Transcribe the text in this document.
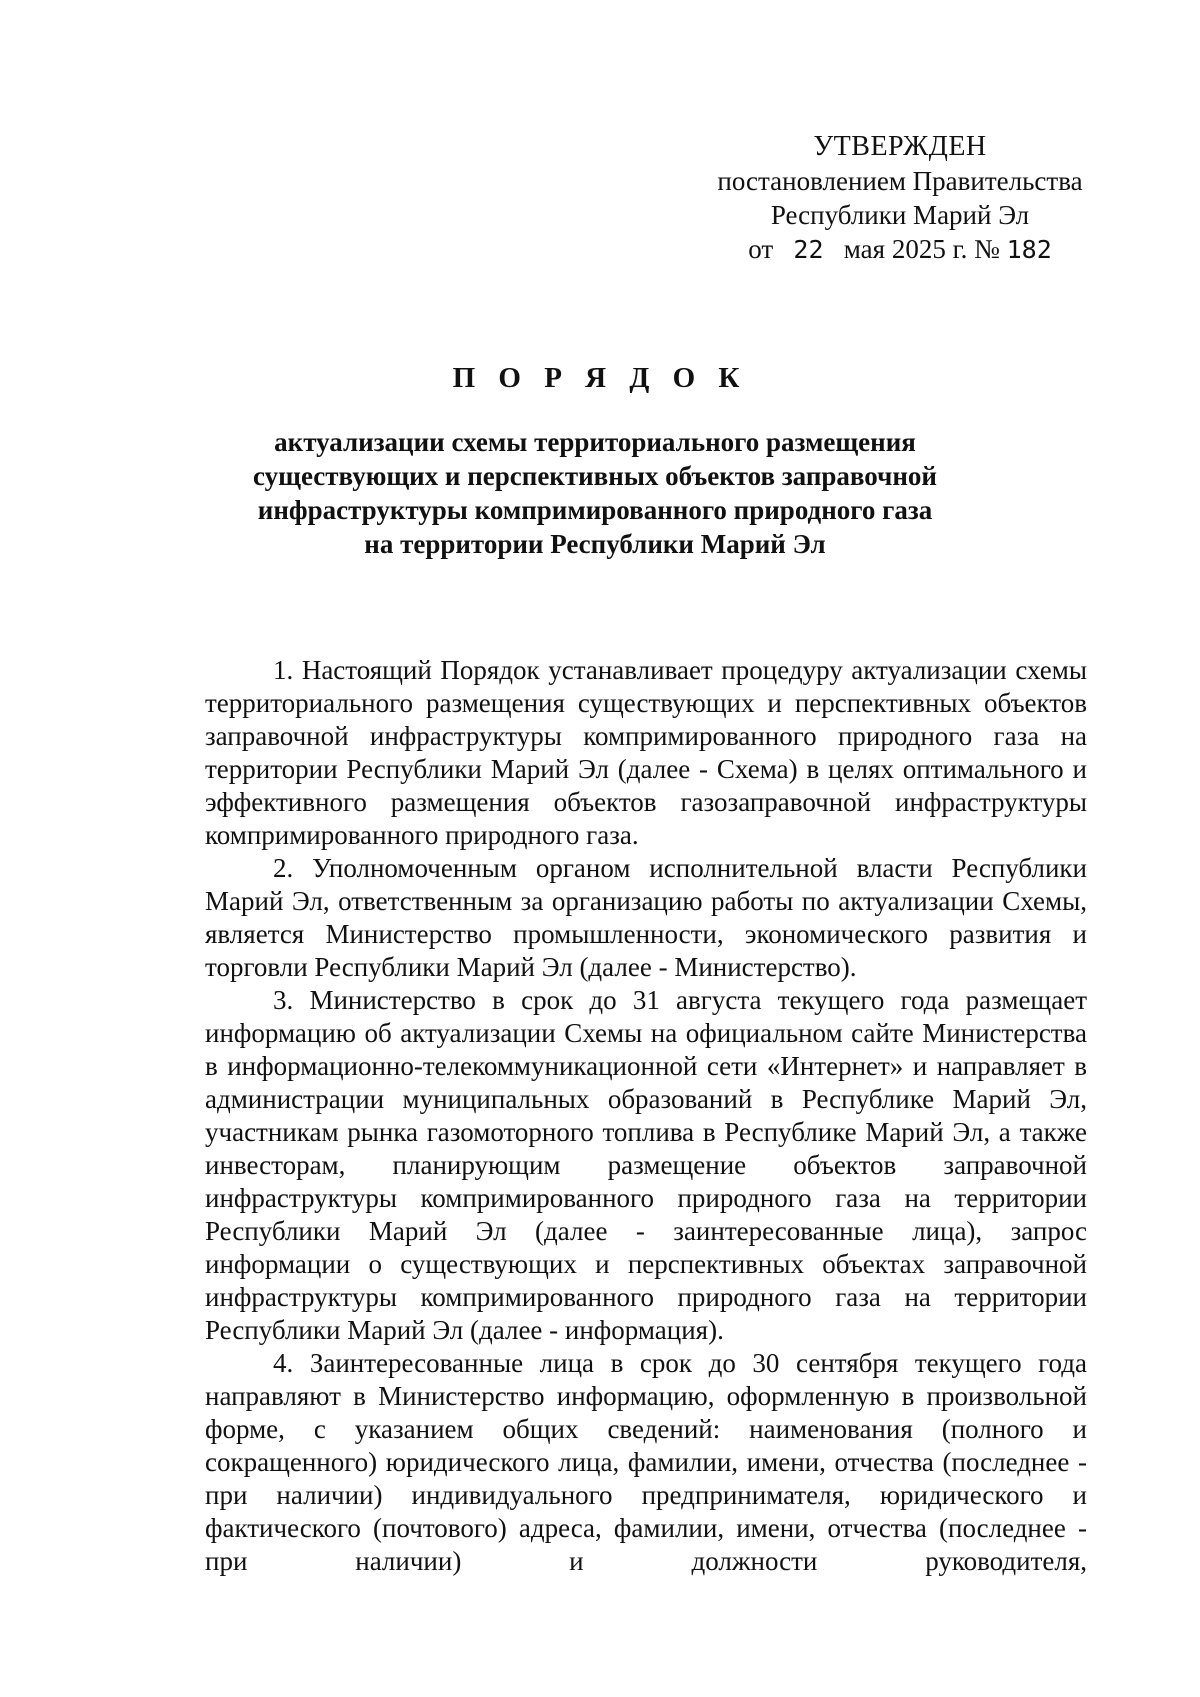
УТВЕРЖДЕН
постановлением Правительства
Республики Марий Эл
от 22 мая 2025 г. № 182
П О Р Я Д О К
актуализации схемы территориального размещения
существующих и перспективных объектов заправочной
инфраструктуры компримированного природного газа
на территории Республики Марий Эл

1. Настоящий Порядок устанавливает процедуру актуализации схемы территориального размещения существующих и перспективных объектов заправочной инфраструктуры компримированного природного газа на территории Республики Марий Эл (далее - Схема) в целях оптимального и эффективного размещения объектов газозаправочной инфраструктуры компримированного природного газа.

2. Уполномоченным органом исполнительной власти Республики Марий Эл, ответственным за организацию работы по актуализации Схемы, является Министерство промышленности, экономического развития и торговли Республики Марий Эл (далее - Министерство).

3. Министерство в срок до 31 августа текущего года размещает информацию об актуализации Схемы на официальном сайте Министерства в информационно-телекоммуникационной сети «Интернет» и направляет в администрации муниципальных образований в Республике Марий Эл, участникам рынка газомоторного топлива в Республике Марий Эл, а также инвесторам, планирующим размещение объектов заправочной инфраструктуры компримированного природного газа на территории Республики Марий Эл (далее - заинтересованные лица), запрос информации о существующих и перспективных объектах заправочной инфраструктуры компримированного природного газа на территории Республики Марий Эл (далее - информация).

4. Заинтересованные лица в срок до 30 сентября текущего года направляют в Министерство информацию, оформленную в произвольной форме, с указанием общих сведений: наименования (полного и сокращенного) юридического лица, фамилии, имени, отчества (последнее - при наличии) индивидуального предпринимателя, юридического и фактического (почтового) адреса, фамилии, имени, отчества (последнее - при наличии) и должности руководителя,
